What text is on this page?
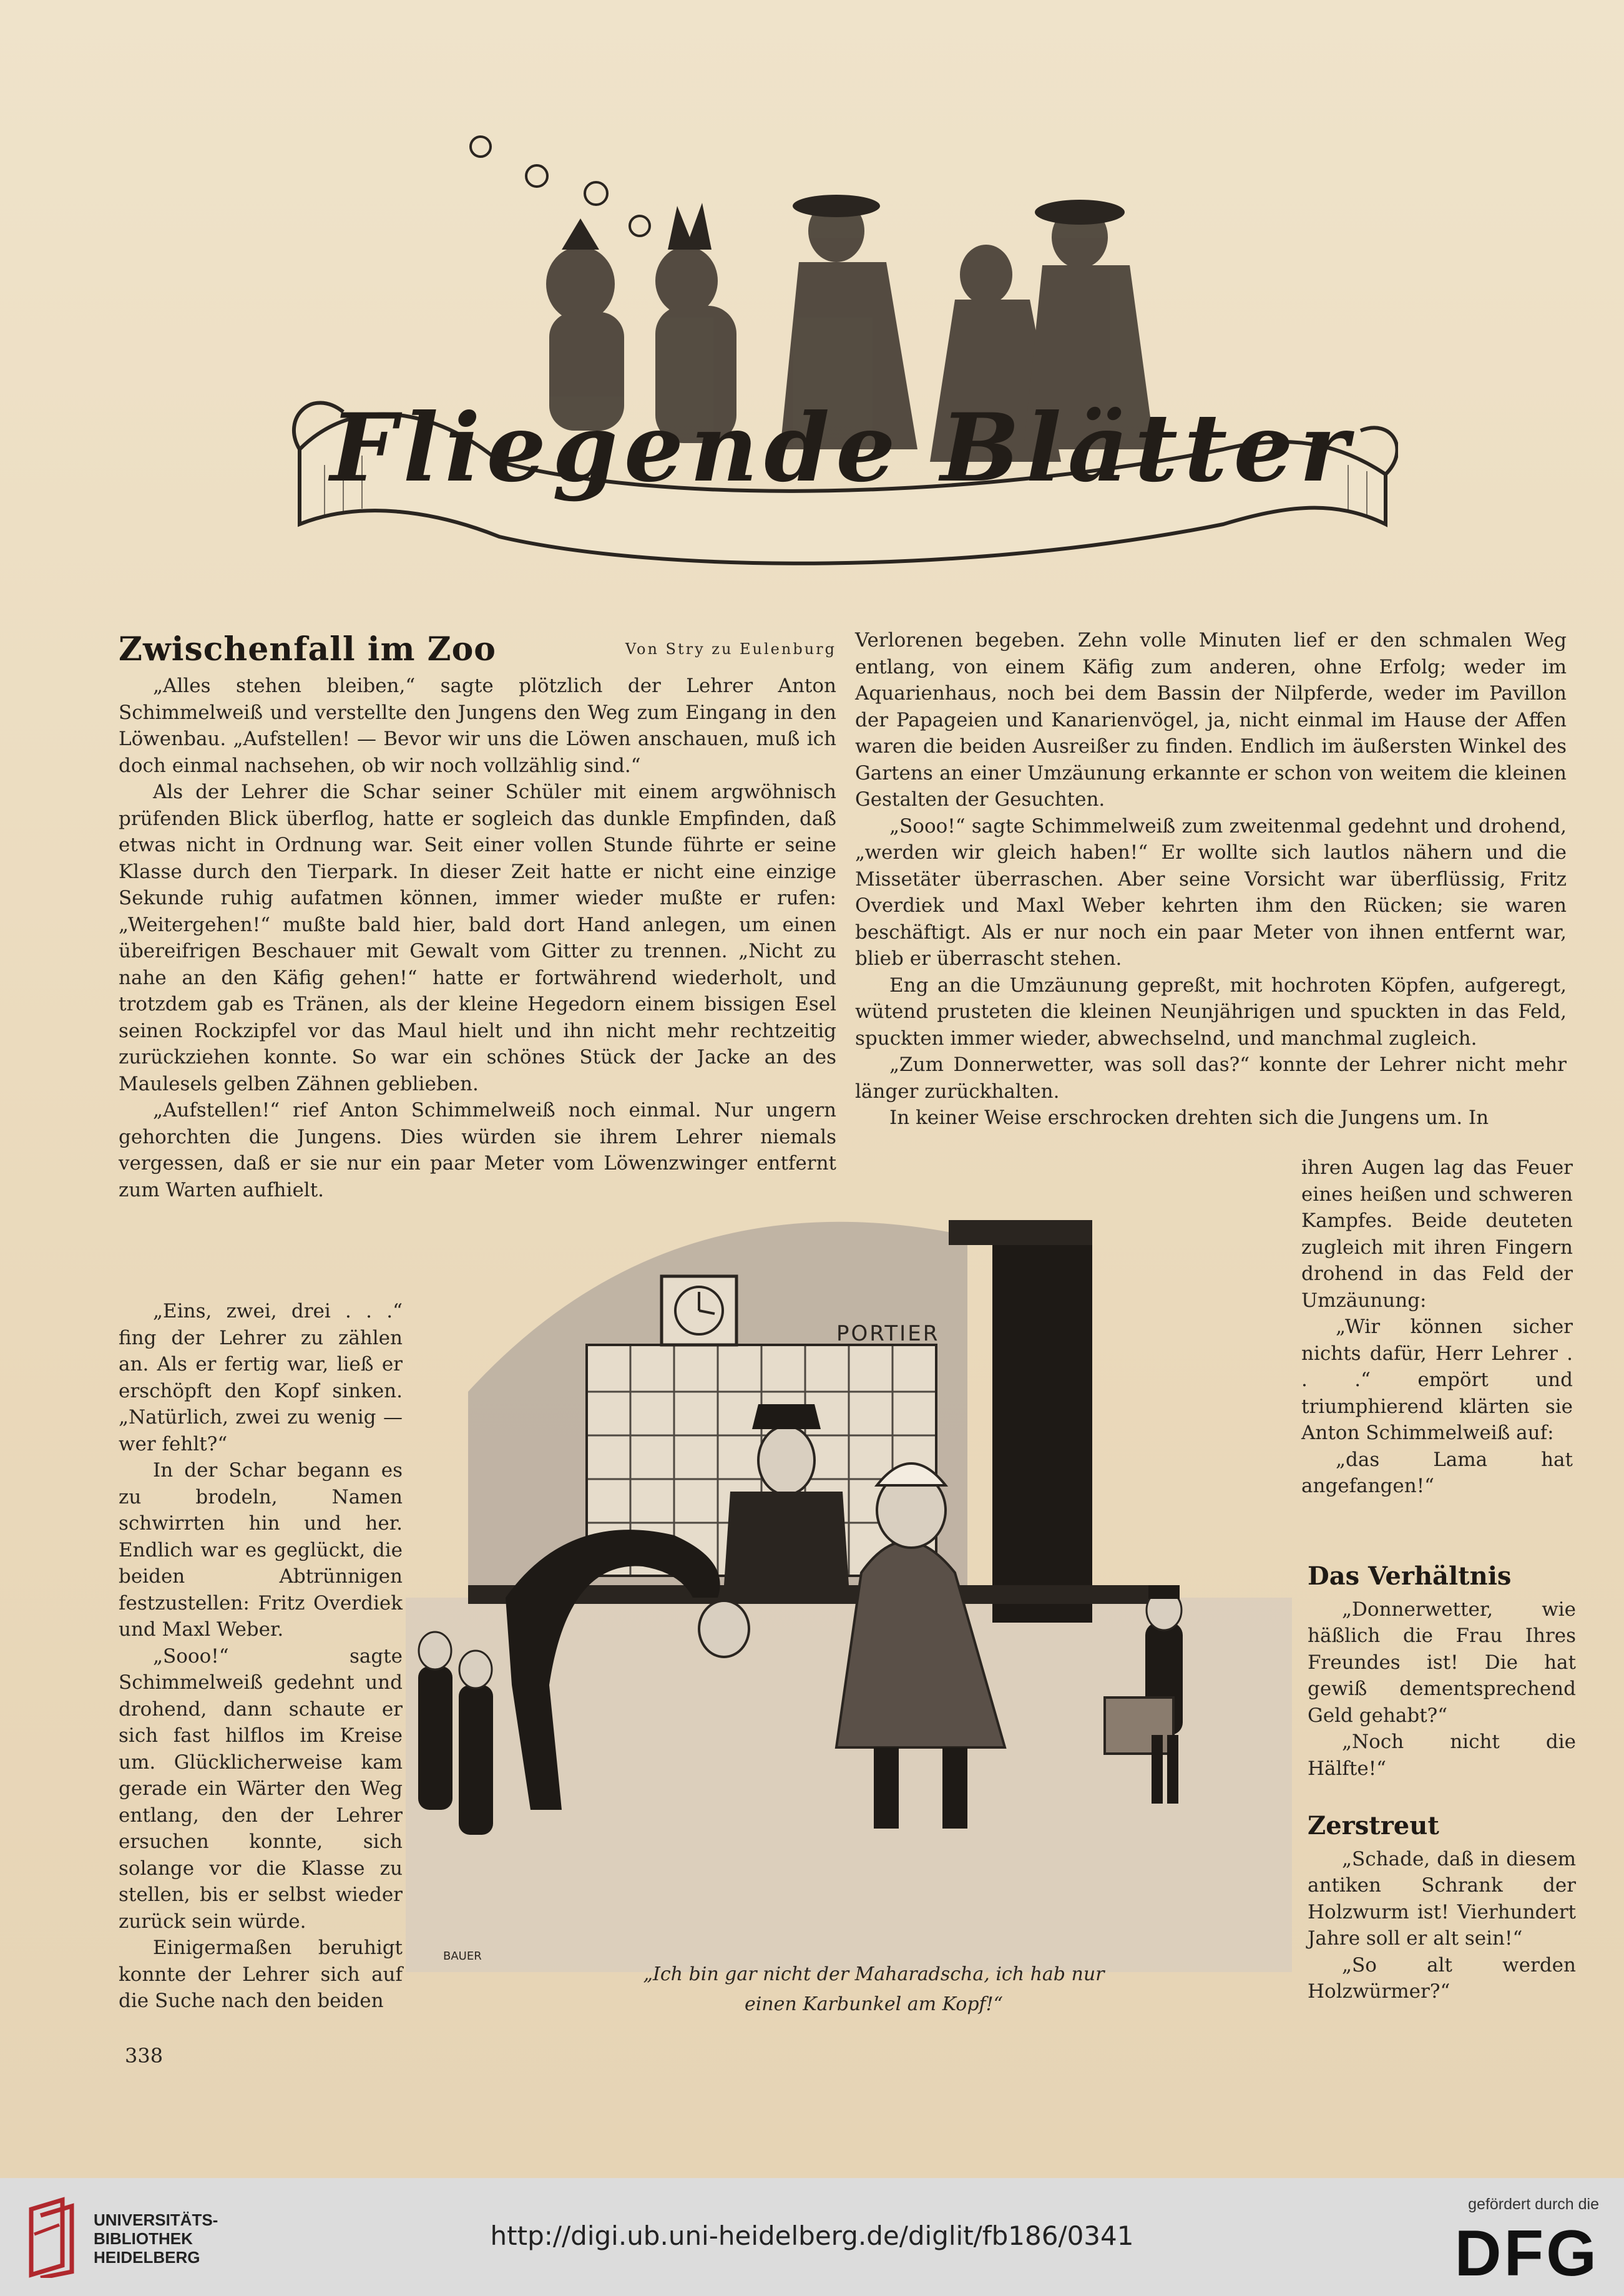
Fliegende Blätter
Zwischenfall im Zoo	Von Stry zu Eulenburg

„Alles stehen bleiben,“ sagte plötzlich der Lehrer Anton Schimmelweiß und verstellte den Jungens den Weg zum Eingang in den Löwenbau. „Aufstellen! — Bevor wir uns die Löwen anschauen, muß ich doch einmal nachsehen, ob wir noch vollzählig sind.“

Als der Lehrer die Schar seiner Schüler mit einem argwöhnisch prüfenden Blick überflog, hatte er sogleich das dunkle Empfinden, daß etwas nicht in Ordnung war. Seit einer vollen Stunde führte er seine Klasse durch den Tierpark. In dieser Zeit hatte er nicht eine einzige Sekunde ruhig aufatmen können, immer wieder mußte er rufen: „Weitergehen!“ mußte bald hier, bald dort Hand anlegen, um einen übereifrigen Beschauer mit Gewalt vom Gitter zu trennen. „Nicht zu nahe an den Käfig gehen!“ hatte er fortwährend wiederholt, und trotzdem gab es Tränen, als der kleine Hegedorn einem bissigen Esel seinen Rockzipfel vor das Maul hielt und ihn nicht mehr rechtzeitig zurückziehen konnte. So war ein schönes Stück der Jacke an des Maulesels gelben Zähnen geblieben.

„Aufstellen!“ rief Anton Schimmelweiß noch einmal. Nur ungern gehorchten die Jungens. Dies würden sie ihrem Lehrer niemals vergessen, daß er sie nur ein paar Meter vom Löwenzwinger entfernt zum Warten aufhielt.

„Eins, zwei, drei . . .“ fing der Lehrer zu zählen an. Als er fertig war, ließ er erschöpft den Kopf sinken. „Natürlich, zwei zu wenig — wer fehlt?“

In der Schar begann es zu brodeln, Namen schwirrten hin und her. Endlich war es geglückt, die beiden Abtrünnigen festzustellen: Fritz Overdiek und Maxl Weber.

„Sooo!“ sagte Schimmelweiß gedehnt und drohend, dann schaute er sich fast hilflos im Kreise um. Glücklicherweise kam gerade ein Wärter den Weg entlang, den der Lehrer ersuchen konnte, sich solange vor die Klasse zu stellen, bis er selbst wieder zurück sein würde.

Einigermaßen beruhigt konnte der Lehrer sich auf die Suche nach den beiden

Verlorenen begeben. Zehn volle Minuten lief er den schmalen Weg entlang, von einem Käfig zum anderen, ohne Erfolg; weder im Aquarienhaus, noch bei dem Bassin der Nilpferde, weder im Pavillon der Papageien und Kanarienvögel, ja, nicht einmal im Hause der Affen waren die beiden Ausreißer zu finden. Endlich im äußersten Winkel des Gartens an einer Umzäunung erkannte er schon von weitem die kleinen Gestalten der Gesuchten.

„Sooo!“ sagte Schimmelweiß zum zweitenmal gedehnt und drohend, „werden wir gleich haben!“ Er wollte sich lautlos nähern und die Missetäter überraschen. Aber seine Vorsicht war überflüssig, Fritz Overdiek und Maxl Weber kehrten ihm den Rücken; sie waren beschäftigt. Als er nur noch ein paar Meter von ihnen entfernt war, blieb er überrascht stehen.

Eng an die Umzäunung gepreßt, mit hochroten Köpfen, aufgeregt, wütend prusteten die kleinen Neunjährigen und spuckten in das Feld, spuckten immer wieder, abwechselnd, und manchmal zugleich.

„Zum Donnerwetter, was soll das?“ konnte der Lehrer nicht mehr länger zurückhalten.

In keiner Weise erschrocken drehten sich die Jungens um. In

ihren Augen lag das Feuer eines heißen und schweren Kampfes. Beide deuteten zugleich mit ihren Fingern drohend in das Feld der Umzäunung:

„Wir können sicher nichts dafür, Herr Lehrer . . .“ empört und triumphierend klärten sie Anton Schimmelweiß auf:

„das Lama hat angefangen!“

Das Verhältnis

„Donnerwetter, wie häßlich die Frau Ihres Freundes ist! Die hat gewiß dementsprechend Geld gehabt?“

„Noch nicht die Hälfte!“

Zerstreut

„Schade, daß in diesem antiken Schrank der Holzwurm ist! Vierhundert Jahre soll er alt sein!“

„So alt werden Holzwürmer?“

PORTIER
BAUER
„Ich bin gar nicht der Maharadscha, ich hab nur
einen Karbunkel am Kopf!“
338
UNIVERSITÄTS-
BIBLIOTHEK
HEIDELBERG
http://digi.ub.uni-heidelberg.de/diglit/fb186/0341
gefördert durch die
DFG
